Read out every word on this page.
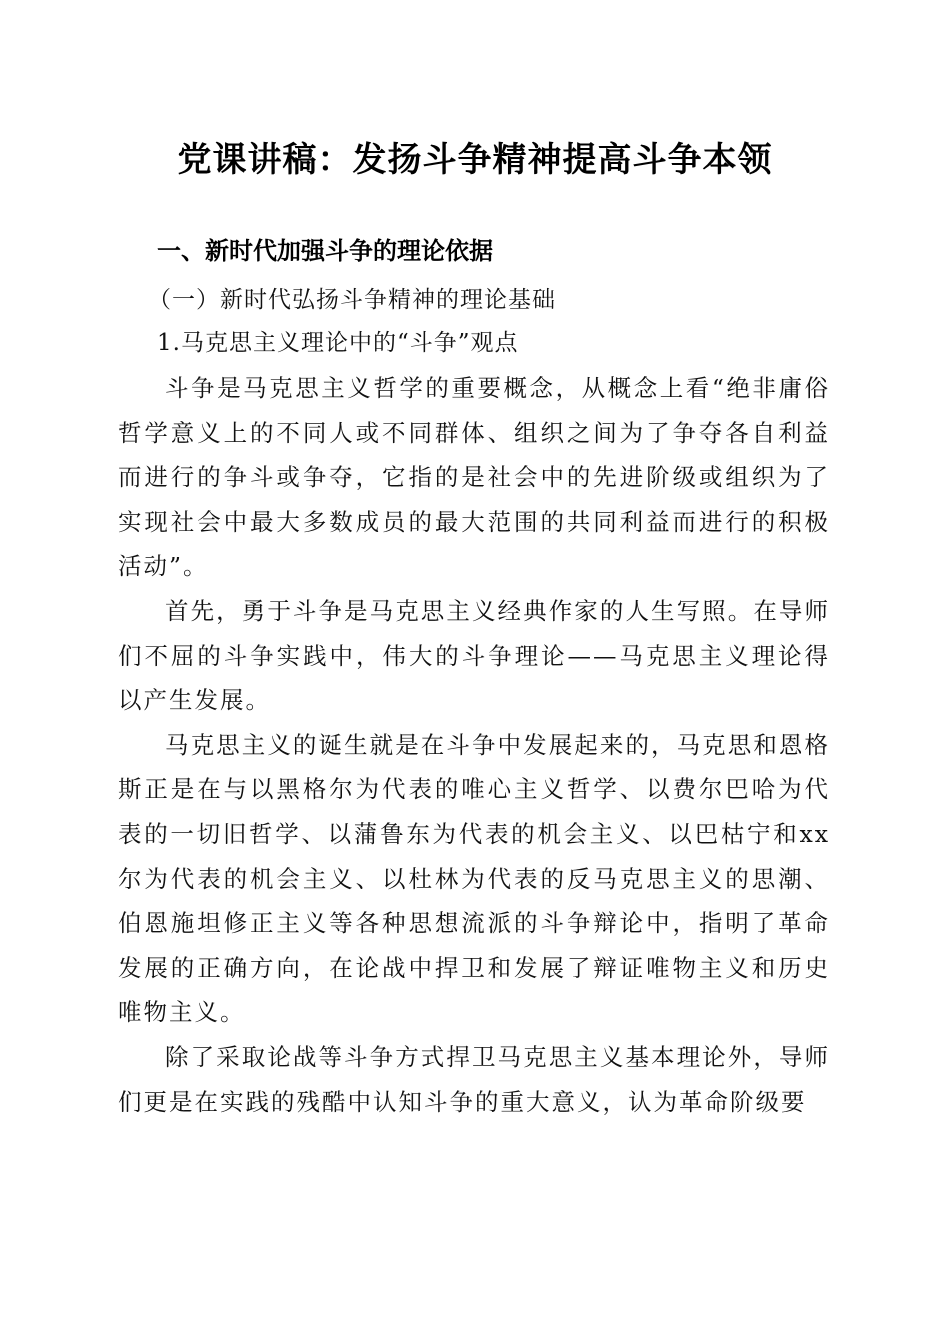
党课讲稿：发扬斗争精神提高斗争本领
一、新时代加强斗争的理论依据
（一）新时代弘扬斗争精神的理论基础
1.马克思主义理论中的“斗争”观点

斗争是马克思主义哲学的重要概念，从概念上看“绝非庸俗哲学意义上的不同人或不同群体、组织之间为了争夺各自利益而进行的争斗或争夺，它指的是社会中的先进阶级或组织为了实现社会中最大多数成员的最大范围的共同利益而进行的积极活动”。

首先，勇于斗争是马克思主义经典作家的人生写照。在导师们不屈的斗争实践中，伟大的斗争理论——马克思主义理论得以产生发展。

马克思主义的诞生就是在斗争中发展起来的，马克思和恩格斯正是在与以黑格尔为代表的唯心主义哲学、以费尔巴哈为代表的一切旧哲学、以蒲鲁东为代表的机会主义、以巴枯宁和xx尔为代表的机会主义、以杜林为代表的反马克思主义的思潮、伯恩施坦修正主义等各种思想流派的斗争辩论中，指明了革命发展的正确方向，在论战中捍卫和发展了辩证唯物主义和历史唯物主义。

除了采取论战等斗争方式捍卫马克思主义基本理论外，导师们更是在实践的残酷中认知斗争的重大意义，认为革命阶级要
